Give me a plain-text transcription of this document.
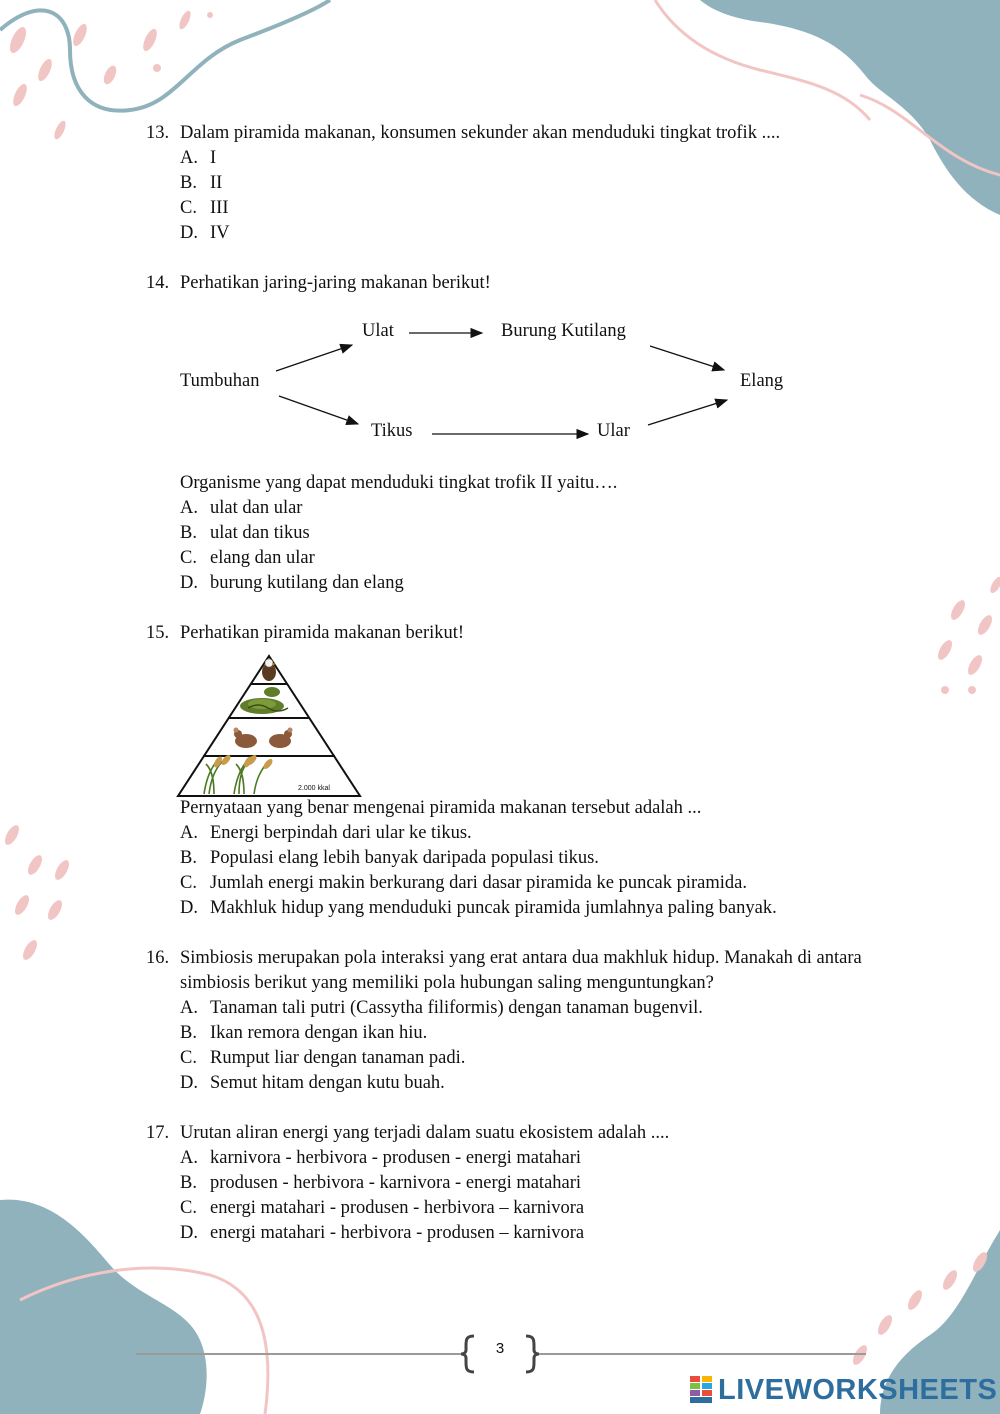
13. Dalam piramida makanan, konsumen sekunder akan menduduki tingkat trofik ....
A. I
B. II
C. III
D. IV
14. Perhatikan jaring-jaring makanan berikut!
Ulat	Burung Kutilang
Tumbuhan	Elang
Tikus	Ular
Organisme yang dapat menduduki tingkat trofik II yaitu….
A. ulat dan ular
B. ulat dan tikus
C. elang dan ular
D. burung kutilang dan elang
15. Perhatikan piramida makanan berikut!
2.000 kkal
Pernyataan yang benar mengenai piramida makanan tersebut adalah ...
A. Energi berpindah dari ular ke tikus.
B. Populasi elang lebih banyak daripada populasi tikus.
C. Jumlah energi makin berkurang dari dasar piramida ke puncak piramida.
D. Makhluk hidup yang menduduki puncak piramida jumlahnya paling banyak.
16. Simbiosis merupakan pola interaksi yang erat antara dua makhluk hidup. Manakah di antara simbiosis berikut yang memiliki pola hubungan saling menguntungkan?
A. Tanaman tali putri (Cassytha filiformis) dengan tanaman bugenvil.
B. Ikan remora dengan ikan hiu.
C. Rumput liar dengan tanaman padi.
D. Semut hitam dengan kutu buah.
17. Urutan aliran energi yang terjadi dalam suatu ekosistem adalah ....
A. karnivora - herbivora - produsen - energi matahari
B. produsen - herbivora - karnivora - energi matahari
C. energi matahari - produsen - herbivora – karnivora
D. energi matahari - herbivora - produsen – karnivora
3
LIVEWORKSHEETS
